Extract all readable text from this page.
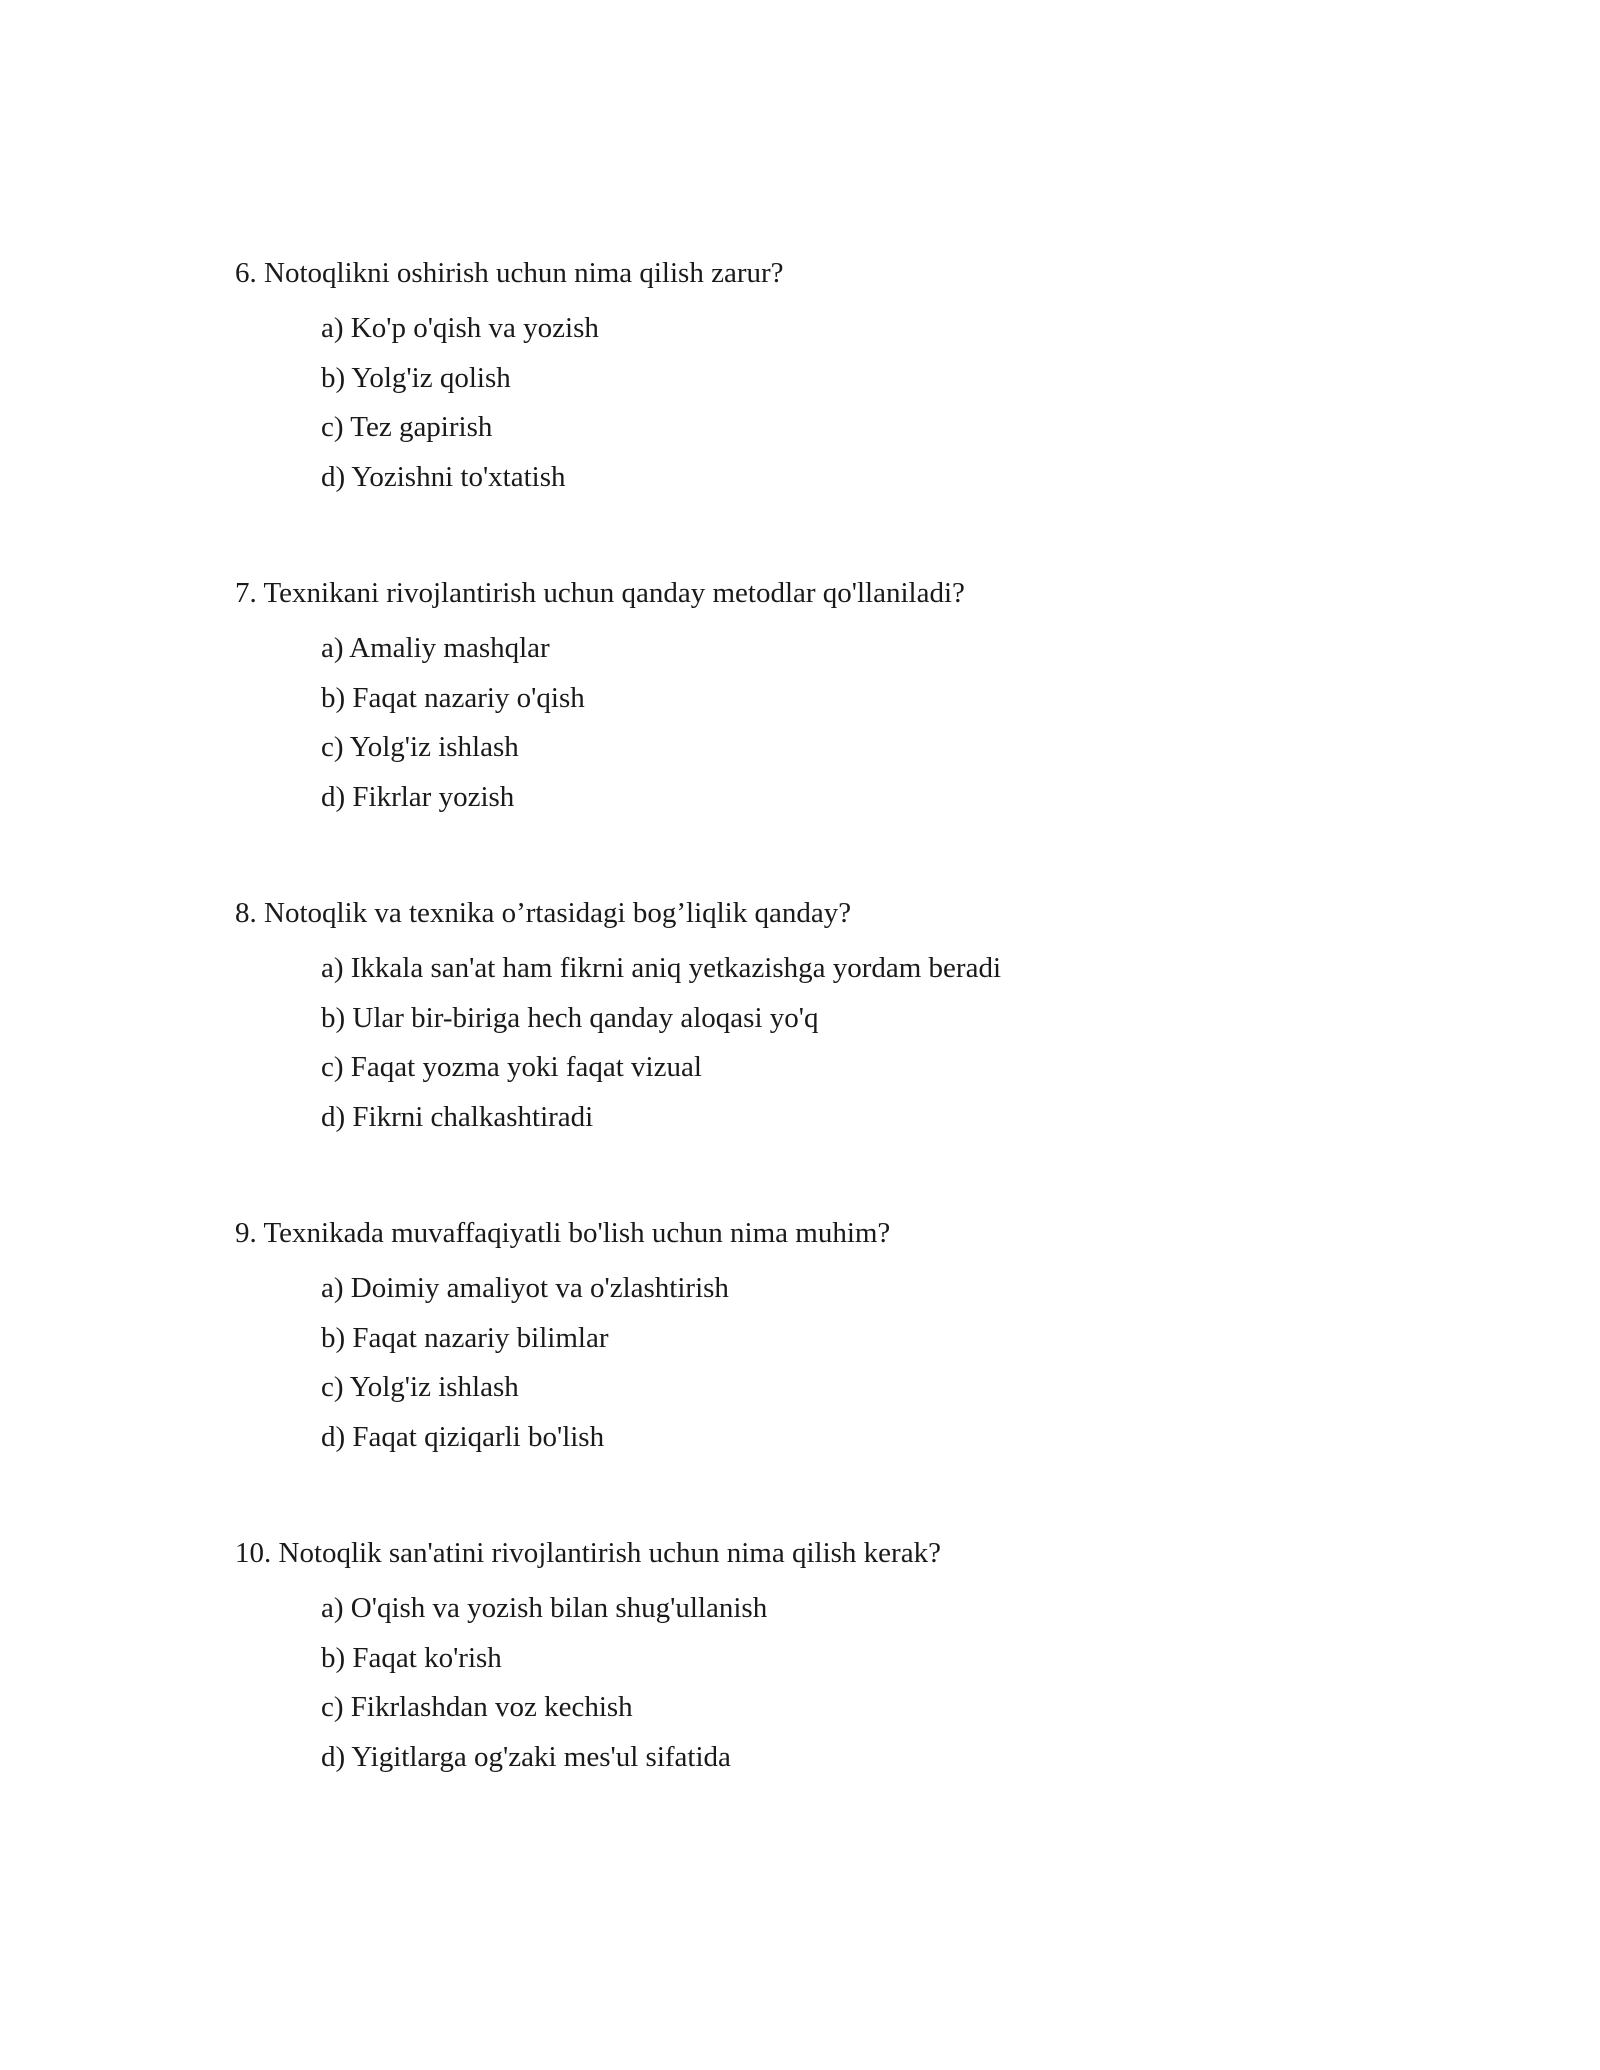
6. Notoqlikni oshirish uchun nima qilish zarur?

a) Ko'p o'qish va yozish
b) Yolg'iz qolish
c) Tez gapirish
d) Yozishni to'xtatish

7. Texnikani rivojlantirish uchun qanday metodlar qo'llaniladi?

a) Amaliy mashqlar
b) Faqat nazariy o'qish
c) Yolg'iz ishlash
d) Fikrlar yozish

8. Notoqlik va texnika o’rtasidagi bog’liqlik qanday?

a) Ikkala san'at ham fikrni aniq yetkazishga yordam beradi
b) Ular bir-biriga hech qanday aloqasi yo'q
c) Faqat yozma yoki faqat vizual
d) Fikrni chalkashtiradi

9. Texnikada muvaffaqiyatli bo'lish uchun nima muhim?

a) Doimiy amaliyot va o'zlashtirish
b) Faqat nazariy bilimlar
c) Yolg'iz ishlash
d) Faqat qiziqarli bo'lish

10. Notoqlik san'atini rivojlantirish uchun nima qilish kerak?

a) O'qish va yozish bilan shug'ullanish
b) Faqat ko'rish
c) Fikrlashdan voz kechish
d) Yigitlarga og'zaki mes'ul sifatida
